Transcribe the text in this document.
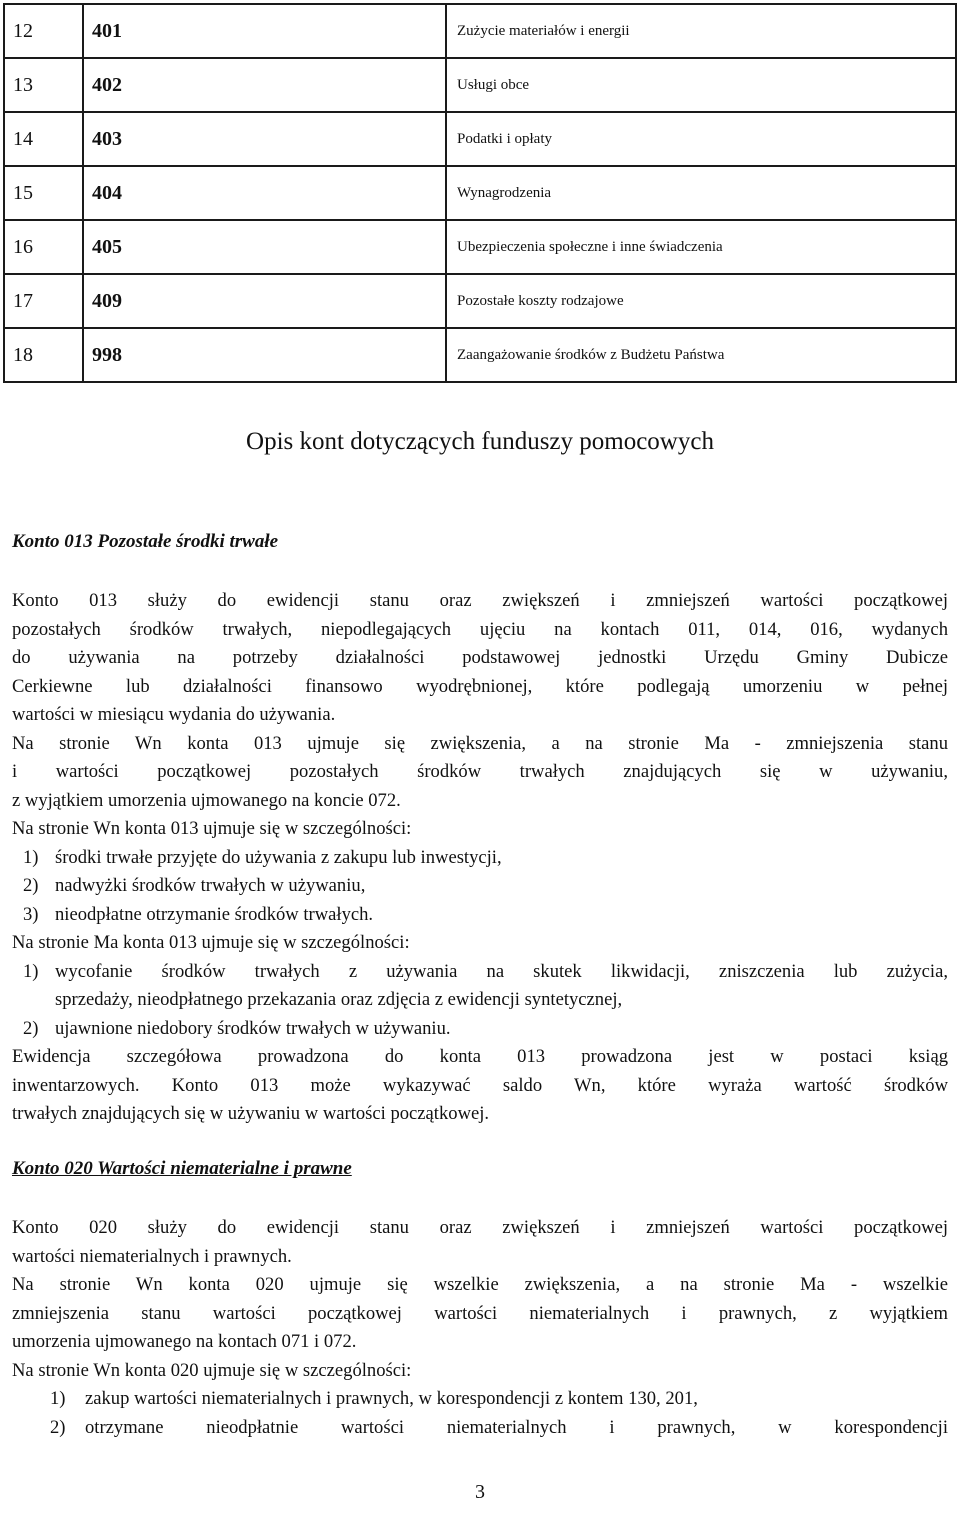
12	401	Zużycie materiałów i energii
13	402	Usługi obce
14	403	Podatki i opłaty
15	404	Wynagrodzenia
16	405	Ubezpieczenia społeczne i inne świadczenia
17	409	Pozostałe koszty rodzajowe
18	998	Zaangażowanie środków z Budżetu Państwa
Opis kont dotyczących funduszy pomocowych

Konto 013 Pozostałe środki trwałe

Konto 013 służy do ewidencji stanu oraz zwiększeń i zmniejszeń wartości początkowej

pozostałych środków trwałych, niepodlegających ujęciu na kontach 011, 014, 016, wydanych

do używania na potrzeby działalności podstawowej jednostki Urzędu Gminy Dubicze

Cerkiewne lub działalności finansowo wyodrębnionej, które podlegają umorzeniu w pełnej

wartości w miesiącu wydania do używania.

Na stronie Wn konta 013 ujmuje się zwiększenia, a na stronie Ma - zmniejszenia stanu

i wartości początkowej pozostałych środków trwałych znajdujących się w używaniu,

z wyjątkiem umorzenia ujmowanego na koncie 072.

Na stronie Wn konta 013 ujmuje się w szczególności:

1) środki trwałe przyjęte do używania z zakupu lub inwestycji,
2) nadwyżki środków trwałych w używaniu,
3) nieodpłatne otrzymanie środków trwałych.

Na stronie Ma konta 013 ujmuje się w szczególności:

1) wycofanie środków trwałych z używania na skutek likwidacji, zniszczenia lub zużycia,
sprzedaży, nieodpłatnego przekazania oraz zdjęcia z ewidencji syntetycznej,
2) ujawnione niedobory środków trwałych w używaniu.

Ewidencja szczegółowa prowadzona do konta 013 prowadzona jest w postaci ksiąg

inwentarzowych. Konto 013 może wykazywać saldo Wn, które wyraża wartość środków

trwałych znajdujących się w używaniu w wartości początkowej.

Konto 020 Wartości niematerialne i prawne

Konto 020 służy do ewidencji stanu oraz zwiększeń i zmniejszeń wartości początkowej

wartości niematerialnych i prawnych.

Na stronie Wn konta 020 ujmuje się wszelkie zwiększenia, a na stronie Ma - wszelkie

zmniejszenia stanu wartości początkowej wartości niematerialnych i prawnych, z wyjątkiem

umorzenia ujmowanego na kontach 071 i 072.

Na stronie Wn konta 020 ujmuje się w szczególności:

1) zakup wartości niematerialnych i prawnych, w korespondencji z kontem 130, 201,
2) otrzymane nieodpłatnie wartości niematerialnych i prawnych, w korespondencji
3
